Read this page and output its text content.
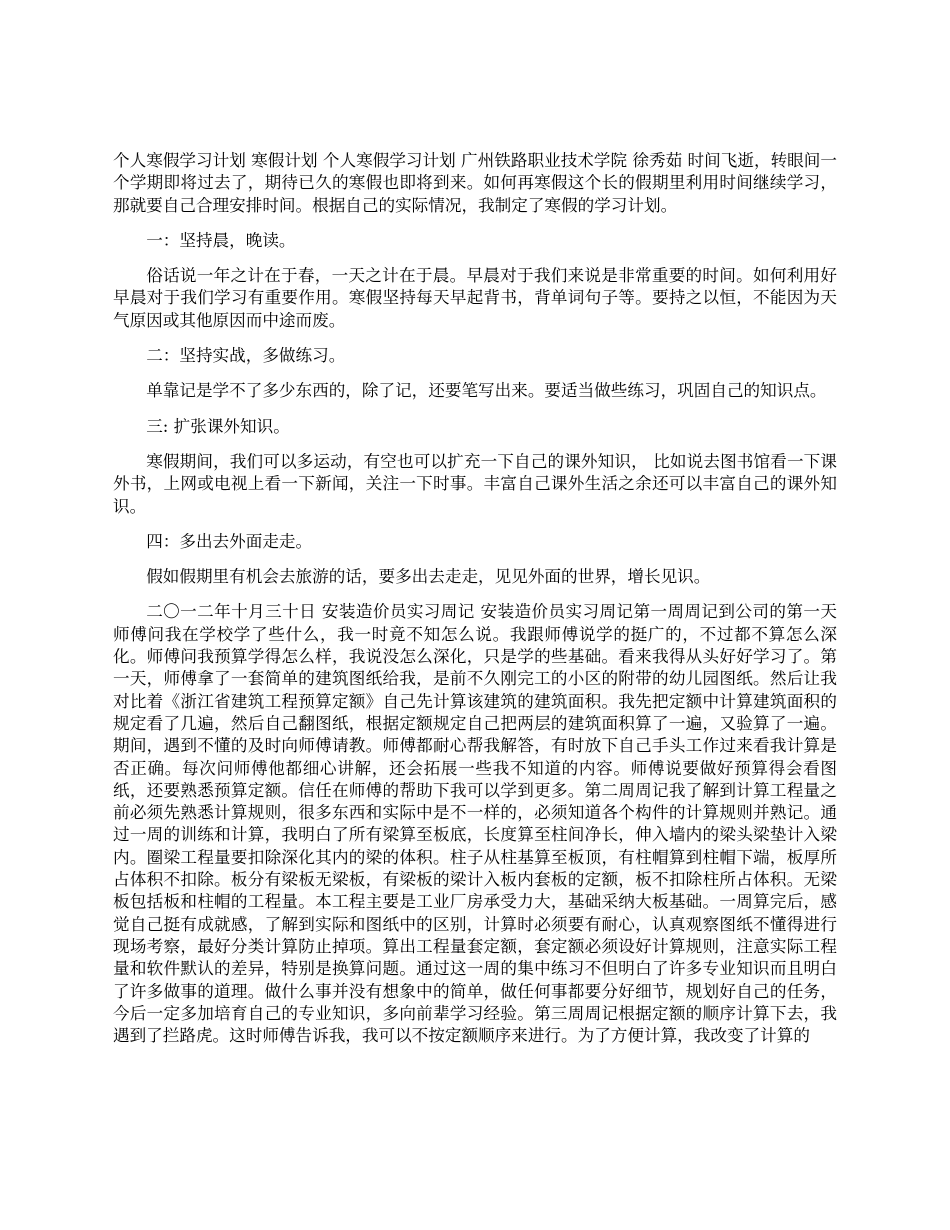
个人寒假学习计划 寒假计划 个人寒假学习计划 广州铁路职业技术学院 徐秀茹 时间飞逝，转眼间一个学期即将过去了，期待已久的寒假也即将到来。如何再寒假这个长的假期里利用时间继续学习，那就要自己合理安排时间。根据自己的实际情况，我制定了寒假的学习计划。

一：坚持晨，晚读。

俗话说一年之计在于春，一天之计在于晨。早晨对于我们来说是非常重要的时间。如何利用好早晨对于我们学习有重要作用。寒假坚持每天早起背书，背单词句子等。要持之以恒，不能因为天气原因或其他原因而中途而废。

二：坚持实战，多做练习。

单靠记是学不了多少东西的，除了记，还要笔写出来。要适当做些练习，巩固自己的知识点。

三: 扩张课外知识。

寒假期间，我们可以多运动，有空也可以扩充一下自己的课外知识， 比如说去图书馆看一下课外书，上网或电视上看一下新闻，关注一下时事。丰富自己课外生活之余还可以丰富自己的课外知识。

四：多出去外面走走。

假如假期里有机会去旅游的话，要多出去走走，见见外面的世界，增长见识。

二〇一二年十月三十日 安装造价员实习周记 安装造价员实习周记第一周周记到公司的第一天师傅问我在学校学了些什么，我一时竟不知怎么说。我跟师傅说学的挺广的，不过都不算怎么深化。师傅问我预算学得怎么样，我说没怎么深化，只是学的些基础。看来我得从头好好学习了。第一天，师傅拿了一套简单的建筑图纸给我，是前不久刚完工的小区的附带的幼儿园图纸。然后让我对比着《浙江省建筑工程预算定额》自己先计算该建筑的建筑面积。我先把定额中计算建筑面积的规定看了几遍，然后自己翻图纸，根据定额规定自己把两层的建筑面积算了一遍，又验算了一遍。期间，遇到不懂的及时向师傅请教。师傅都耐心帮我解答，有时放下自己手头工作过来看我计算是否正确。每次问师傅他都细心讲解，还会拓展一些我不知道的内容。师傅说要做好预算得会看图纸，还要熟悉预算定额。信任在师傅的帮助下我可以学到更多。第二周周记我了解到计算工程量之前必须先熟悉计算规则，很多东西和实际中是不一样的，必须知道各个构件的计算规则并熟记。通过一周的训练和计算，我明白了所有梁算至板底，长度算至柱间净长，伸入墙内的梁头梁垫计入梁内。圈梁工程量要扣除深化其内的梁的体积。柱子从柱基算至板顶，有柱帽算到柱帽下端，板厚所占体积不扣除。板分有梁板无梁板，有梁板的梁计入板内套板的定额，板不扣除柱所占体积。无梁板包括板和柱帽的工程量。本工程主要是工业厂房承受力大，基础采纳大板基础。一周算完后，感觉自己挺有成就感，了解到实际和图纸中的区别，计算时必须要有耐心，认真观察图纸不懂得进行现场考察，最好分类计算防止掉项。算出工程量套定额，套定额必须设好计算规则，注意实际工程量和软件默认的差异，特别是换算问题。通过这一周的集中练习不但明白了许多专业知识而且明白了许多做事的道理。做什么事并没有想象中的简单，做任何事都要分好细节，规划好自己的任务，今后一定多加培育自己的专业知识，多向前辈学习经验。第三周周记根据定额的顺序计算下去，我遇到了拦路虎。这时师傅告诉我，我可以不按定额顺序来进行。为了方便计算，我改变了计算的
